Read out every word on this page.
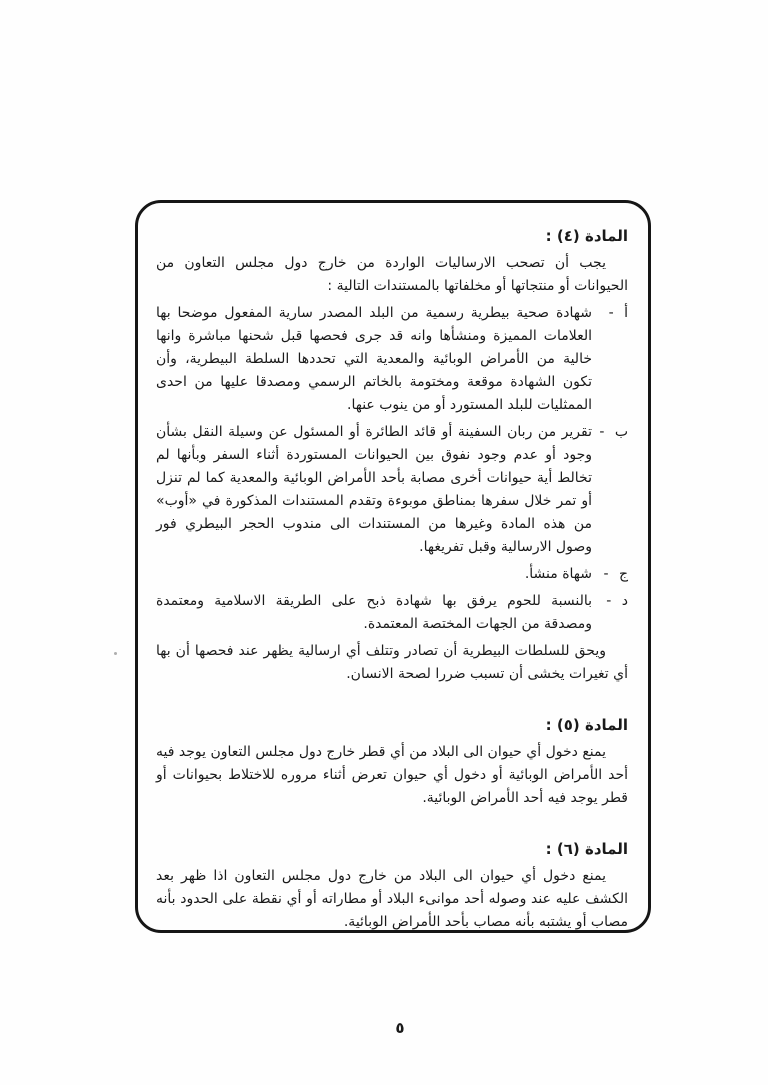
المادة (٤) :

يجب أن تصحب الارساليات الواردة من خارج دول مجلس التعاون من الحيوانات أو منتجاتها أو مخلفاتها بالمستندات التالية :

أ -
شهادة صحية بيطرية رسمية من البلد المصدر سارية المفعول موضحا بها العلامات المميزة ومنشأها وانه قد جرى فحصها قبل شحنها مباشرة وانها خالية من الأمراض الوبائية والمعدية التي تحددها السلطة البيطرية، وأن تكون الشهادة موقعة ومختومة بالخاتم الرسمي ومصدقا عليها من احدى الممثليات للبلد المستورد أو من ينوب عنها.
ب -
تقرير من ربان السفينة أو قائد الطائرة أو المسئول عن وسيلة النقل بشأن وجود أو عدم وجود نفوق بين الحيوانات المستوردة أثناء السفر وبأنها لم تخالط أية حيوانات أخرى مصابة بأحد الأمراض الوبائية والمعدية كما لم تنزل أو تمر خلال سفرها بمناطق موبوءة وتقدم المستندات المذكورة في «أوب» من هذه المادة وغيرها من المستندات الى مندوب الحجر البيطري فور وصول الارسالية وقبل تفريغها.
ج -
شهاة منشأ.
د -
بالنسبة للحوم يرفق بها شهادة ذبح على الطريقة الاسلامية ومعتمدة ومصدقة من الجهات المختصة المعتمدة.

ويحق للسلطات البيطرية أن تصادر وتتلف أي ارسالية يظهر عند فحصها أن بها أي تغيرات يخشى أن تسبب ضررا لصحة الانسان.

المادة (٥) :

يمنع دخول أي حيوان الى البلاد من أي قطر خارج دول مجلس التعاون يوجد فيه أحد الأمراض الوبائية أو دخول أي حيوان تعرض أثناء مروره للاختلاط بحيوانات أو قطر يوجد فيه أحد الأمراض الوبائية.

المادة (٦) :

يمنع دخول أي حيوان الى البلاد من خارج دول مجلس التعاون اذا ظهر بعد الكشف عليه عند وصوله أحد موانىء البلاد أو مطاراته أو أي نقطة على الحدود بأنه مصاب أو يشتبه بأنه مصاب بأحد الأمراض الوبائية.

٥
